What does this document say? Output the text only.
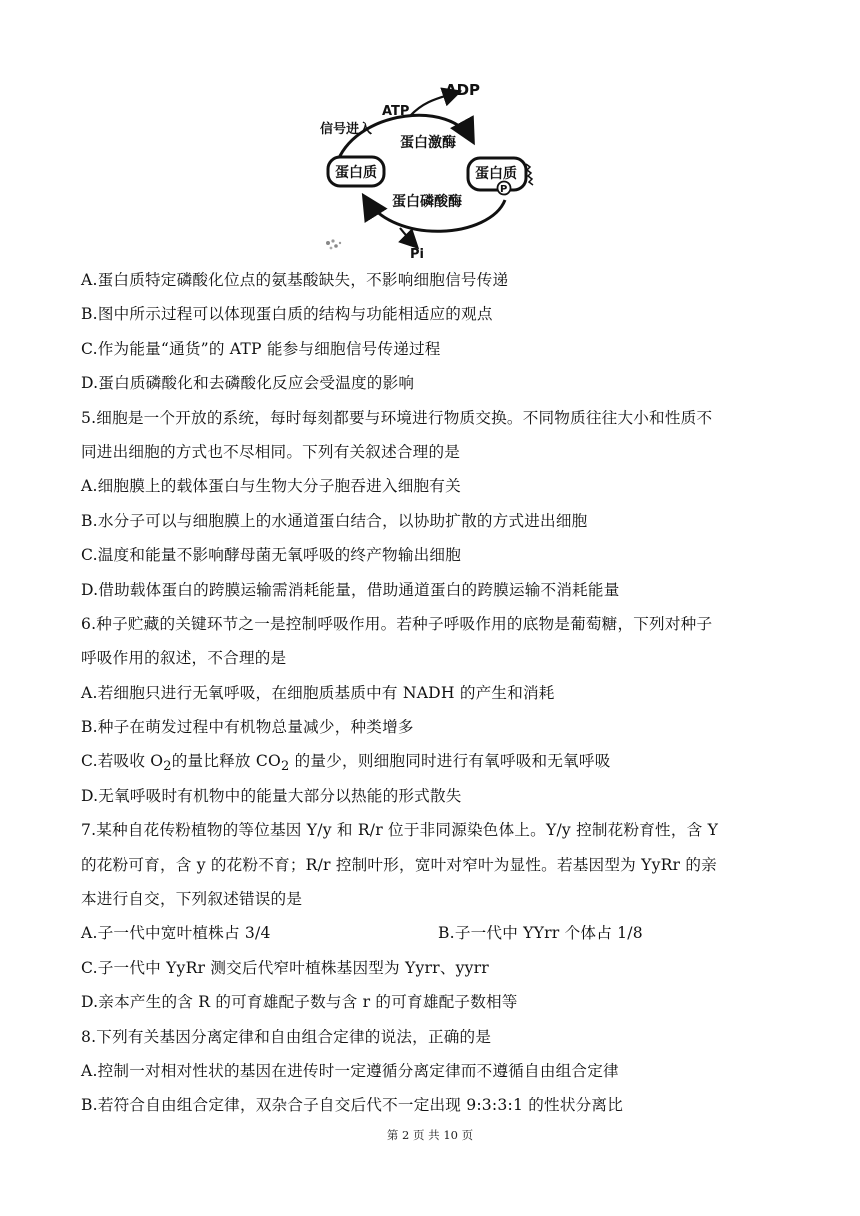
ADP
ATP
信号进入
蛋白激酶
蛋白质	蛋白质
P
蛋白磷酸酶
Pi
A.蛋白质特定磷酸化位点的氨基酸缺失，不影响细胞信号传递
B.图中所示过程可以体现蛋白质的结构与功能相适应的观点
C.作为能量“通货”的 ATP 能参与细胞信号传递过程
D.蛋白质磷酸化和去磷酸化反应会受温度的影响
5.细胞是一个开放的系统，每时每刻都要与环境进行物质交换。不同物质往往大小和性质不
同进出细胞的方式也不尽相同。下列有关叙述合理的是
A.细胞膜上的载体蛋白与生物大分子胞吞进入细胞有关
B.水分子可以与细胞膜上的水通道蛋白结合，以协助扩散的方式进出细胞
C.温度和能量不影响酵母菌无氧呼吸的终产物输出细胞
D.借助载体蛋白的跨膜运输需消耗能量，借助通道蛋白的跨膜运输不消耗能量
6.种子贮藏的关键环节之一是控制呼吸作用。若种子呼吸作用的底物是葡萄糖，下列对种子
呼吸作用的叙述，不合理的是
A.若细胞只进行无氧呼吸，在细胞质基质中有 NADH 的产生和消耗
B.种子在萌发过程中有机物总量减少，种类增多
C.若吸收 $O_2$的量比释放 $CO_2$ 的量少，则细胞同时进行有氧呼吸和无氧呼吸
D.无氧呼吸时有机物中的能量大部分以热能的形式散失
7.某种自花传粉植物的等位基因 Y/y 和 R/r 位于非同源染色体上。Y/y 控制花粉育性，含 Y
的花粉可育，含 y 的花粉不育；R/r 控制叶形，宽叶对窄叶为显性。若基因型为 YyRr 的亲
本进行自交，下列叙述错误的是
A.子一代中宽叶植株占 3/4	B.子一代中 YYrr 个体占 1/8
C.子一代中 YyRr 测交后代窄叶植株基因型为 Yyrr、yyrr
D.亲本产生的含 R 的可育雄配子数与含 r 的可育雄配子数相等
8.下列有关基因分离定律和自由组合定律的说法，正确的是
A.控制一对相对性状的基因在进传时一定遵循分离定律而不遵循自由组合定律
B.若符合自由组合定律，双杂合子自交后代不一定出现 9:3:3:1 的性状分离比
第 2 页 共 10 页
